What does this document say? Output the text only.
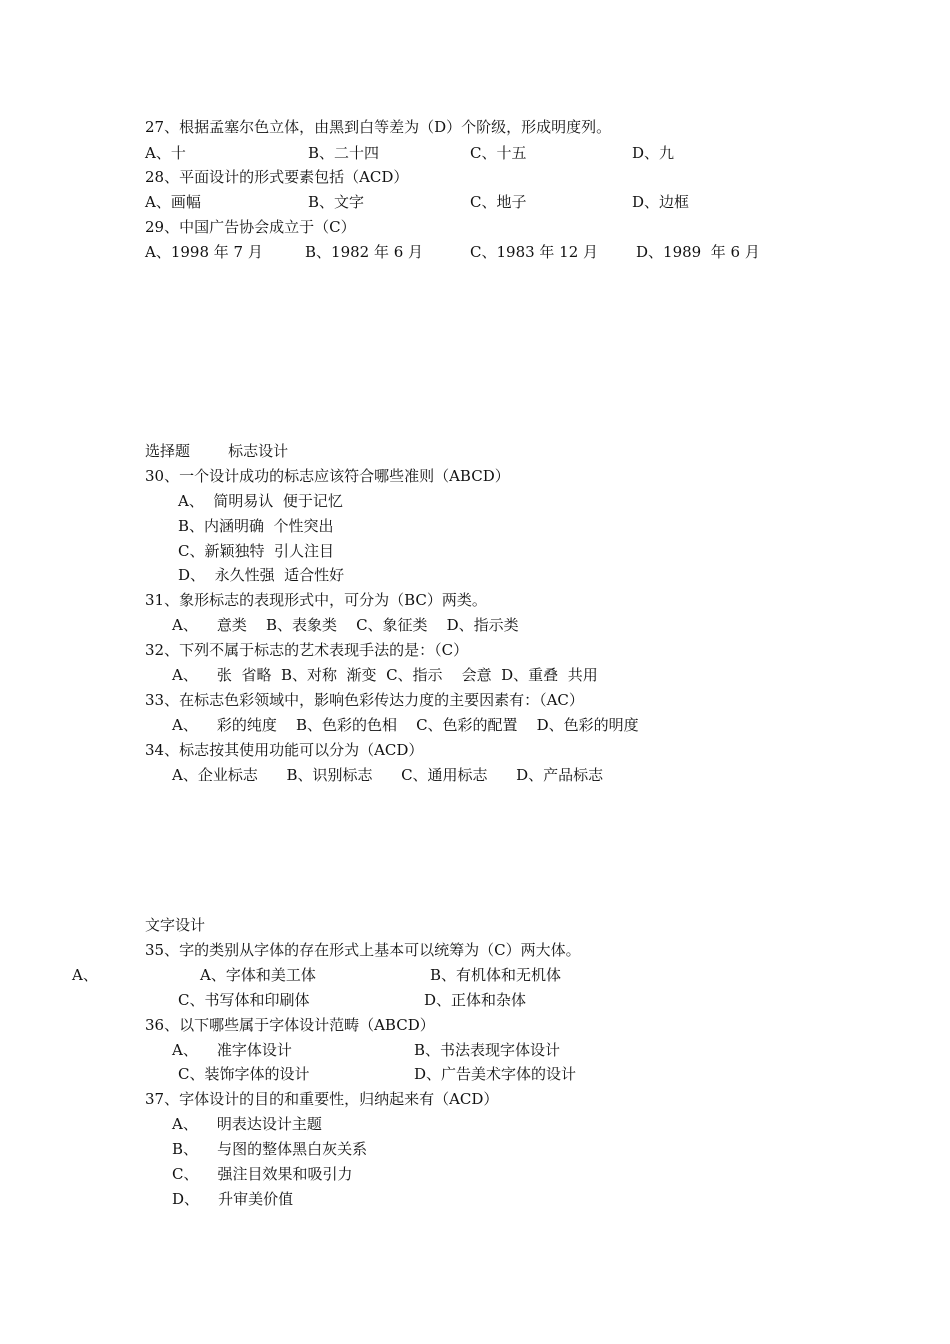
27、根据孟塞尔色立体，由黑到白等差为（D）个阶级，形成明度列。
A、十	B、二十四	C、十五	D、九
28、平面设计的形式要素包括（ACD）
A、画幅	B、文字	C、地子	D、边框
29、中国广告协会成立于（C）
A、1998 年 7 月	B、1982 年 6 月	C、1983 年 12 月	D、1989  年 6 月
选择题        标志设计
30、一个设计成功的标志应该符合哪些准则（ABCD）
A、  简明易认  便于记忆
B、内涵明确  个性突出
C、新颖独特  引人注目
D、  永久性强  适合性好
31、象形标志的表现形式中，可分为（BC）两类。
A、    意类    B、表象类    C、象征类    D、指示类
32、下列不属于标志的艺术表现手法的是：（C）
A、    张  省略  B、对称  渐变  C、指示    会意  D、重叠  共用
33、在标志色彩领域中，影响色彩传达力度的主要因素有：（AC）
A、    彩的纯度    B、色彩的色相    C、色彩的配置    D、色彩的明度
34、标志按其使用功能可以分为（ACD）
A、企业标志      B、识别标志      C、通用标志      D、产品标志
文字设计
35、字的类别从字体的存在形式上基本可以统筹为（C）两大体。
A、	A、字体和美工体	B、有机体和无机体
C、书写体和印刷体	D、正体和杂体
36、以下哪些属于字体设计范畴（ABCD）
A、    准字体设计	B、书法表现字体设计
C、装饰字体的设计	D、广告美术字体的设计
37、字体设计的目的和重要性，归纳起来有（ACD）
A、    明表达设计主题
B、    与图的整体黑白灰关系
C、    强注目效果和吸引力
D、    升审美价值
